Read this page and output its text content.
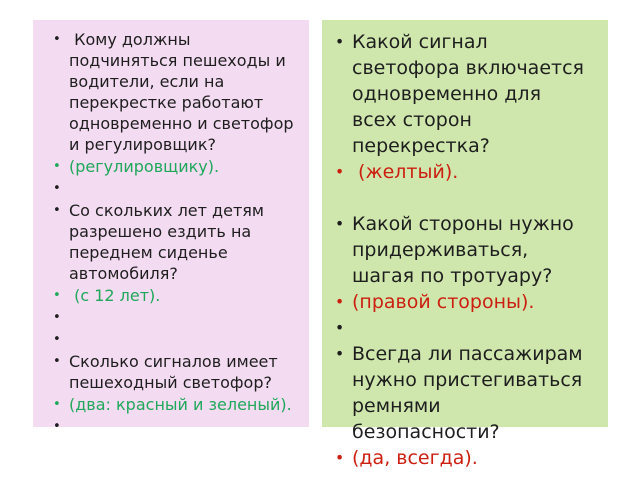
• Кому должны подчиняться пешеходы и водители, если на перекрестке работают одновременно и светофор и регулировщик?
• (регулировщику).
•
• Со скольких лет детям разрешено ездить на переднем сиденье автомобиля?
• (с 12 лет).
•
•
• Сколько сигналов имеет пешеходный светофор?
• (два: красный и зеленый).
•
• Какой сигнал светофора включается одновременно для всех сторон перекрестка?
• (желтый).
• Какой стороны нужно придерживаться, шагая по тротуару?
• (правой стороны).
•
• Всегда ли пассажирам нужно пристегиваться ремнями безопасности?
• (да, всегда).
